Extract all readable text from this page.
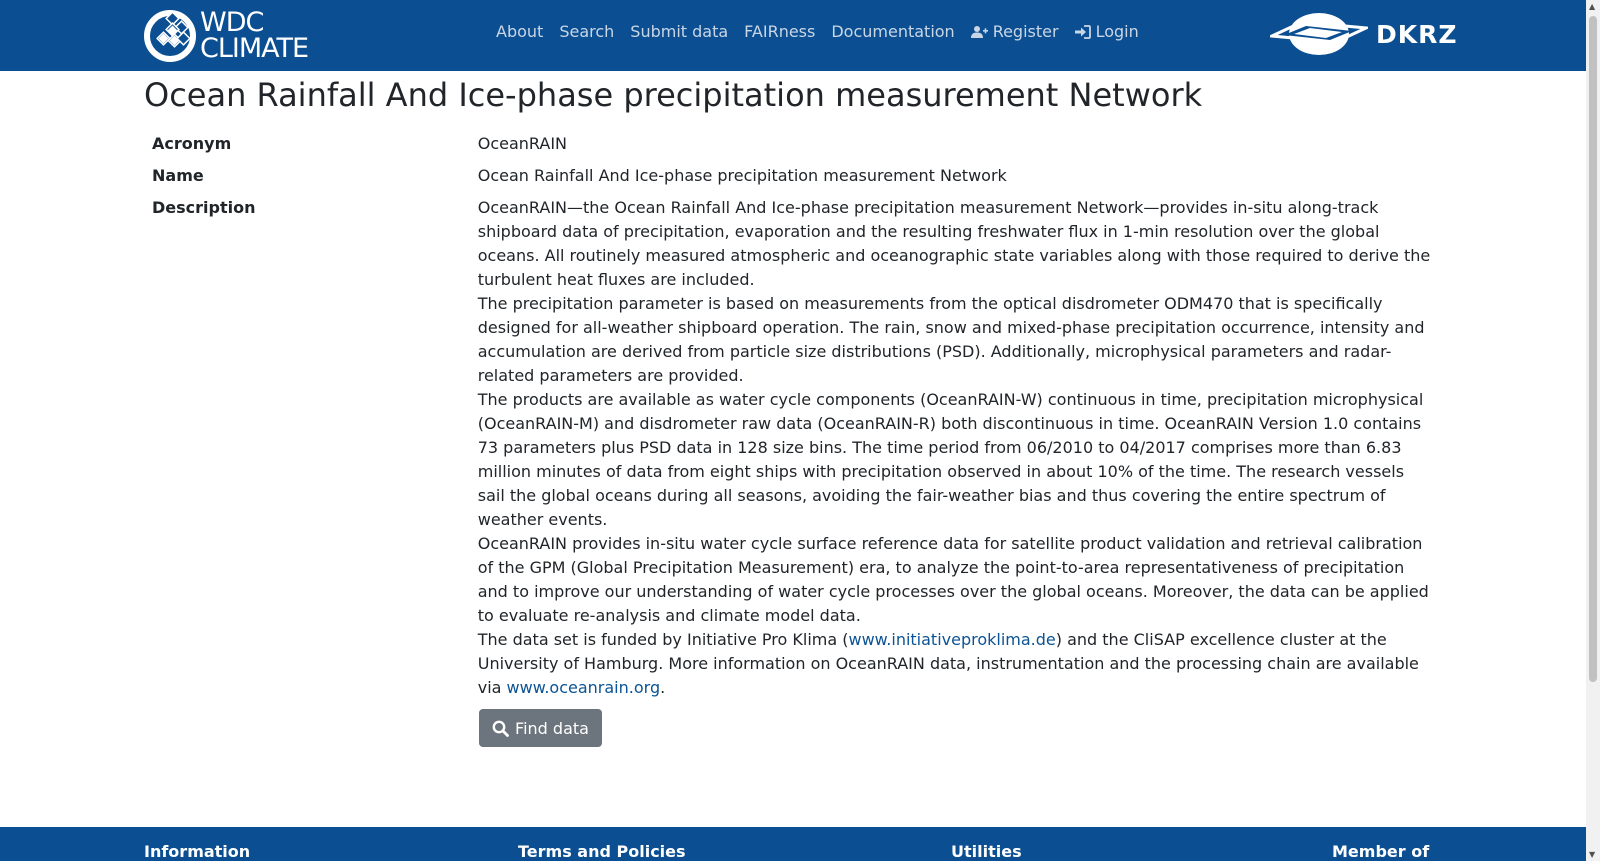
WDC
CLIMATE
About Search Submit data FAIRness Documentation Register Login	DKRZ
▲
▼
Ocean Rainfall And Ice-phase precipitation measurement Network
Acronym	OceanRAIN
Name	Ocean Rainfall And Ice-phase precipitation measurement Network
Description	OceanRAIN—the Ocean Rainfall And Ice-phase precipitation measurement Network—provides in-situ along-track shipboard data of precipitation, evaporation and the resulting freshwater flux in 1-min resolution over the global oceans. All routinely measured atmospheric and oceanographic state variables along with those required to derive the turbulent heat fluxes are included.

The precipitation parameter is based on measurements from the optical disdrometer ODM470 that is specifically designed for all-weather shipboard operation. The rain, snow and mixed-phase precipitation occurrence, intensity and accumulation are derived from particle size distributions (PSD). Additionally, microphysical parameters and radar-related parameters are provided.

The products are available as water cycle components (OceanRAIN-W) continuous in time, precipitation microphysical (OceanRAIN-M) and disdrometer raw data (OceanRAIN-R) both discontinuous in time. OceanRAIN Version 1.0 contains 73 parameters plus PSD data in 128 size bins. The time period from 06/2010 to 04/2017 comprises more than 6.83 million minutes of data from eight ships with precipitation observed in about 10% of the time. The research vessels sail the global oceans during all seasons, avoiding the fair-weather bias and thus covering the entire spectrum of weather events.

OceanRAIN provides in-situ water cycle surface reference data for satellite product validation and retrieval calibration of the GPM (Global Precipitation Measurement) era, to analyze the point-to-area representativeness of precipitation and to improve our understanding of water cycle processes over the global oceans. Moreover, the data can be applied to evaluate re-analysis and climate model data.

The data set is funded by Initiative Pro Klima (www.initiativeproklima.de) and the CliSAP excellence cluster at the University of Hamburg. More information on OceanRAIN data, instrumentation and the processing chain are available via www.oceanrain.org.

Find data
Information	Terms and Policies	Utilities	Member of
